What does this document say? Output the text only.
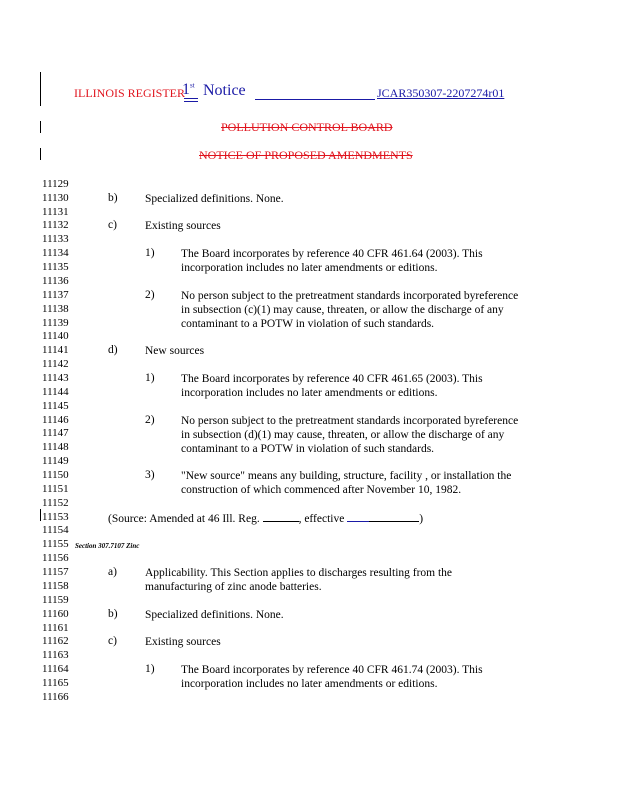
ILLINOIS REGISTER
1st Notice	JCAR350307-2207274r01
POLLUTION CONTROL BOARD
NOTICE OF PROPOSED AMENDMENTS
11129
11130
11131
11132
11133
11134
11135
11136
11137
11138
11139
11140
11141
11142
11143
11144
11145
11146
11147
11148
11149
11150
11151
11152
11153
11154
11155
11156
11157
11158
11159
11160
11161
11162
11163
11164
11165
11166
Section 307.7107 Zinc
b) Specialized definitions. None.
c) Existing sources
1) The Board incorporates by reference 40 CFR 461.64 (2003). This
incorporation includes no later amendments or editions.
2) No person subject to the pretreatment standards incorporated byreference
in subsection (c)(1) may cause, threaten, or allow the discharge of any
contaminant to a POTW in violation of such standards.
d) New sources
1) The Board incorporates by reference 40 CFR 461.65 (2003). This
incorporation includes no later amendments or editions.
2) No person subject to the pretreatment standards incorporated byreference
in subsection (d)(1) may cause, threaten, or allow the discharge of any
contaminant to a POTW in violation of such standards.
3) "New source" means any building, structure, facility , or installation the
construction of which commenced after November 10, 1982.
(Source: Amended at 46 Ill. Reg.	, effective	)
a) Applicability. This Section applies to discharges resulting from the
manufacturing of zinc anode batteries.
b) Specialized definitions. None.
c) Existing sources
1) The Board incorporates by reference 40 CFR 461.74 (2003). This
incorporation includes no later amendments or editions.
